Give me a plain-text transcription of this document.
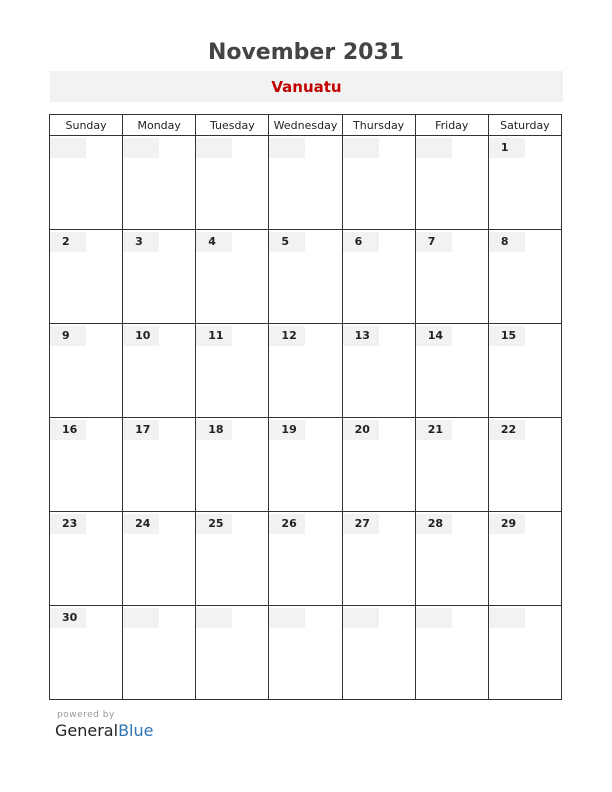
November 2031
Vanuatu
Sunday	Monday	Tuesday	Wednesday	Thursday	Friday	Saturday

						1

2	3	4	5	6	7	8

9	10	11	12	13	14	15

16	17	18	19	20	21	22

23	24	25	26	27	28	29

30						

powered by
GeneralBlue
